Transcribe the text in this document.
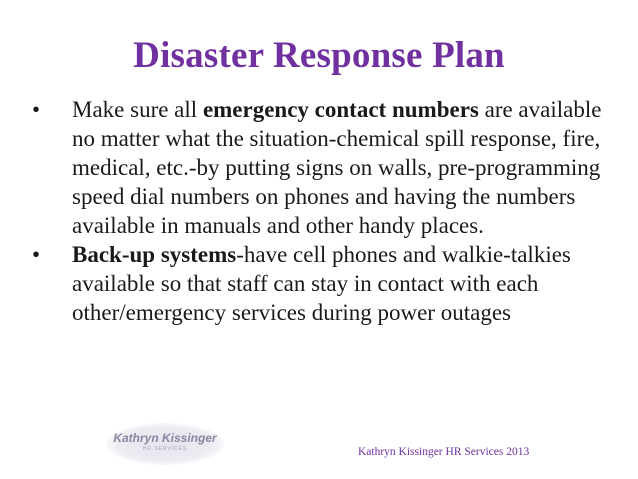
Disaster Response Plan
• Make sure all emergency contact numbers are available no matter what the situation-chemical spill response, fire, medical, etc.-by putting signs on walls, pre-programming speed dial numbers on phones and having the numbers available in manuals and other handy places.
• Back-up systems-have cell phones and walkie-talkies available so that staff can stay in contact with each other/emergency services during power outages
Kathryn Kissinger
HR SERVICES	Kathryn Kissinger HR Services 2013
